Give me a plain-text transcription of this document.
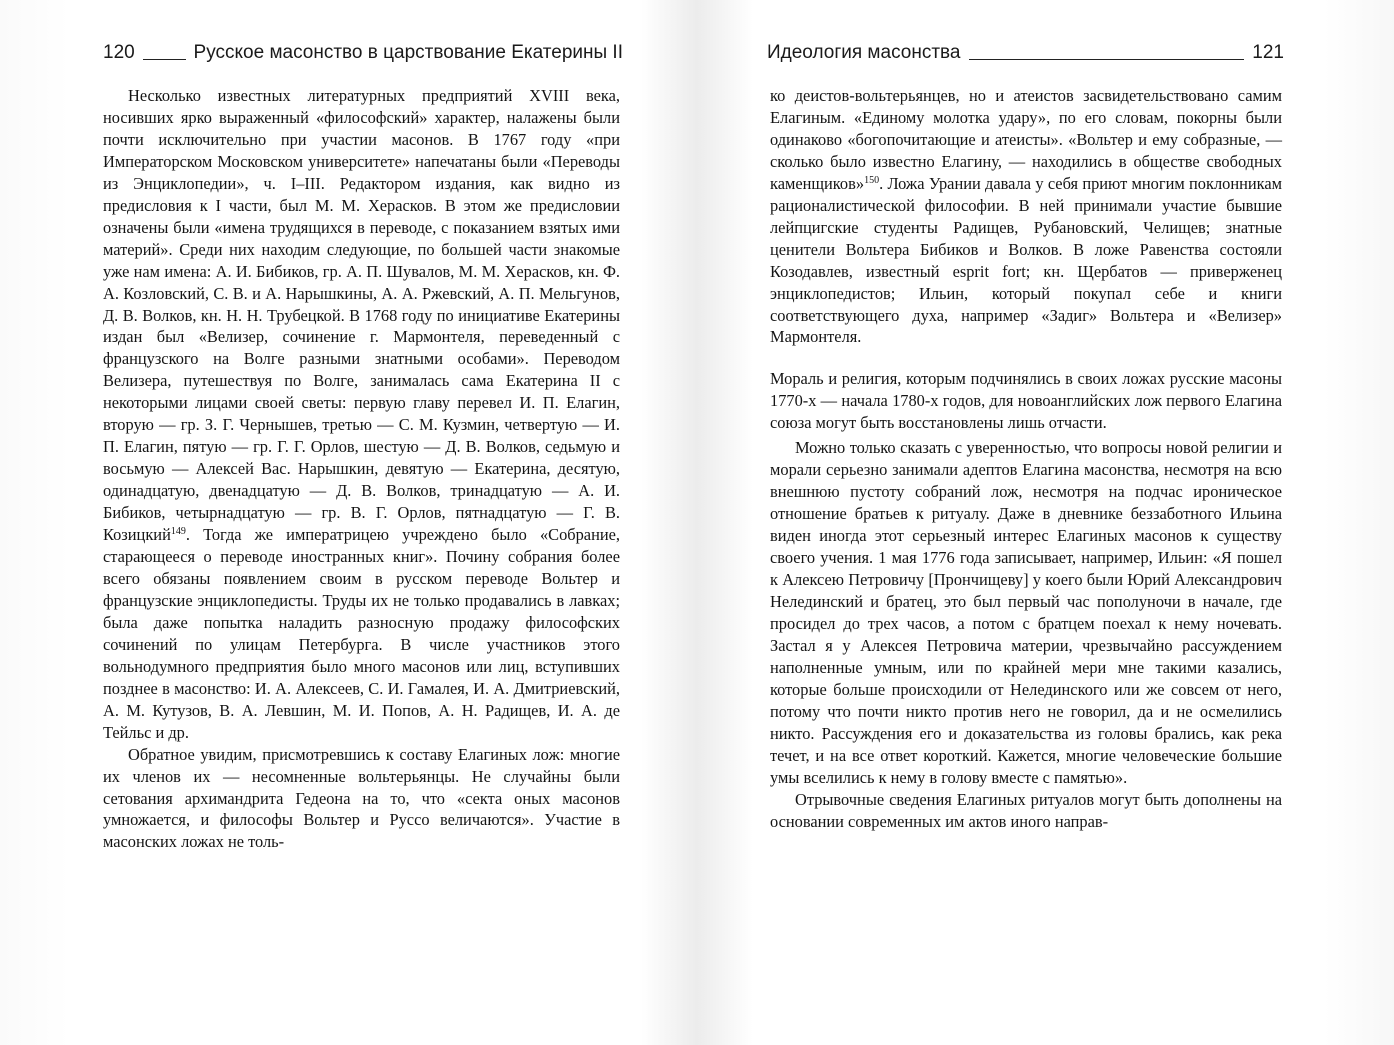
120	Русское масонство в царствование Екатерины II

Несколько известных литературных предприятий XVIII века, носивших ярко выраженный «философский» характер, налажены были почти исключительно при участии масонов. В 1767 году «при Императорском Московском университете» напечатаны были «Переводы из Энциклопедии», ч. I–III. Редактором издания, как видно из предисловия к I части, был М. М. Херасков. В этом же предисловии означены были «имена трудящихся в переводе, с показанием взятых ими материй». Среди них находим следующие, по большей части знакомые уже нам имена: А. И. Бибиков, гр. А. П. Шувалов, М. М. Херасков, кн. Ф. А. Козловский, С. В. и А. Нарышкины, А. А. Ржевский, А. П. Мельгунов, Д. В. Волков, кн. Н. Н. Трубецкой. В 1768 году по инициативе Екатерины издан был «Велизер, сочинение г. Мармонтеля, переведенный с французского на Волге разными знатными особами». Переводом Велизера, путешествуя по Волге, занималась сама Екатерина II с некоторыми лицами своей светы: первую главу перевел И. П. Елагин, вторую — гр. З. Г. Чернышев, третью — С. М. Кузмин, четвертую — И. П. Елагин, пятую — гр. Г. Г. Орлов, шестую — Д. В. Волков, седьмую и восьмую — Алексей Вас. Нарышкин, девятую — Екатерина, десятую, одинадцатую, двенадцатую — Д. В. Волков, тринадцатую — А. И. Бибиков, четырнадцатую — гр. В. Г. Орлов, пятнадцатую — Г. В. Козицкий$^{149}$. Тогда же императрицею учреждено было «Собрание, старающееся о переводе иностранных книг». Почину собрания более всего обязаны появлением своим в русском переводе Вольтер и французские энциклопедисты. Труды их не только продавались в лавках; была даже попытка наладить разносную продажу философских сочинений по улицам Петербурга. В числе участников этого вольнодумного предприятия было много масонов или лиц, вступивших позднее в масонство: И. А. Алексеев, С. И. Гамалея, И. А. Дмитриевский, А. М. Кутузов, В. А. Левшин, М. И. Попов, А. Н. Радищев, И. А. де Тейльс и др.

Обратное увидим, присмотревшись к составу Елагиных лож: многие их членов их — несомненные вольтерьянцы. Не случайны были сетования архимандрита Гедеона на то, что «секта оных масонов умножается, и философы Вольтер и Руссо величаются». Участие в масонских ложах не толь-

Идеология масонства	121

ко деистов-вольтерьянцев, но и атеистов засвидетельствовано самим Елагиным. «Единому молотка удару», по его словам, покорны были одинаково «богопочитающие и атеисты». «Вольтер и ему собразные, — сколько было известно Елагину, — находились в обществе свободных каменщиков»$^{150}$. Ложа Урании давала у себя приют многим поклонникам рационалистической философии. В ней принимали участие бывшие лейпцигские студенты Радищев, Рубановский, Челищев; знатные ценители Вольтера Бибиков и Волков. В ложе Равенства состояли Козодавлев, известный esprit fort; кн. Щербатов — приверженец энциклопедистов; Ильин, который покупал себе и книги соответствующего духа, например «Задиг» Вольтера и «Велизер» Мармонтеля.

Мораль и религия, которым подчинялись в своих ложах русские масоны 1770-х — начала 1780-х годов, для новоанглийских лож первого Елагина союза могут быть восстановлены лишь отчасти.

Можно только сказать с уверенностью, что вопросы новой религии и морали серьезно занимали адептов Елагина масонства, несмотря на всю внешнюю пустоту собраний лож, несмотря на подчас ироническое отношение братьев к ритуалу. Даже в дневнике беззаботного Ильина виден иногда этот серьезный интерес Елагиных масонов к существу своего учения. 1 мая 1776 года записывает, например, Ильин: «Я пошел к Алексею Петровичу [Прончищеву] у коего были Юрий Александрович Нелединский и братец, это был первый час пополуночи в начале, где просидел до трех часов, а потом с братцем поехал к нему ночевать. Застал я у Алексея Петровича материи, чрезвычайно рассуждением наполненные умным, или по крайней мери мне такими казались, которые больше происходили от Нелединского или же совсем от него, потому что почти никто против него не говорил, да и не осмелились никто. Рассуждения его и доказательства из головы брались, как река течет, и на все ответ короткий. Кажется, многие человеческие большие умы вселились к нему в голову вместе с памятью».

Отрывочные сведения Елагиных ритуалов могут быть дополнены на основании современных им актов иного направ-
